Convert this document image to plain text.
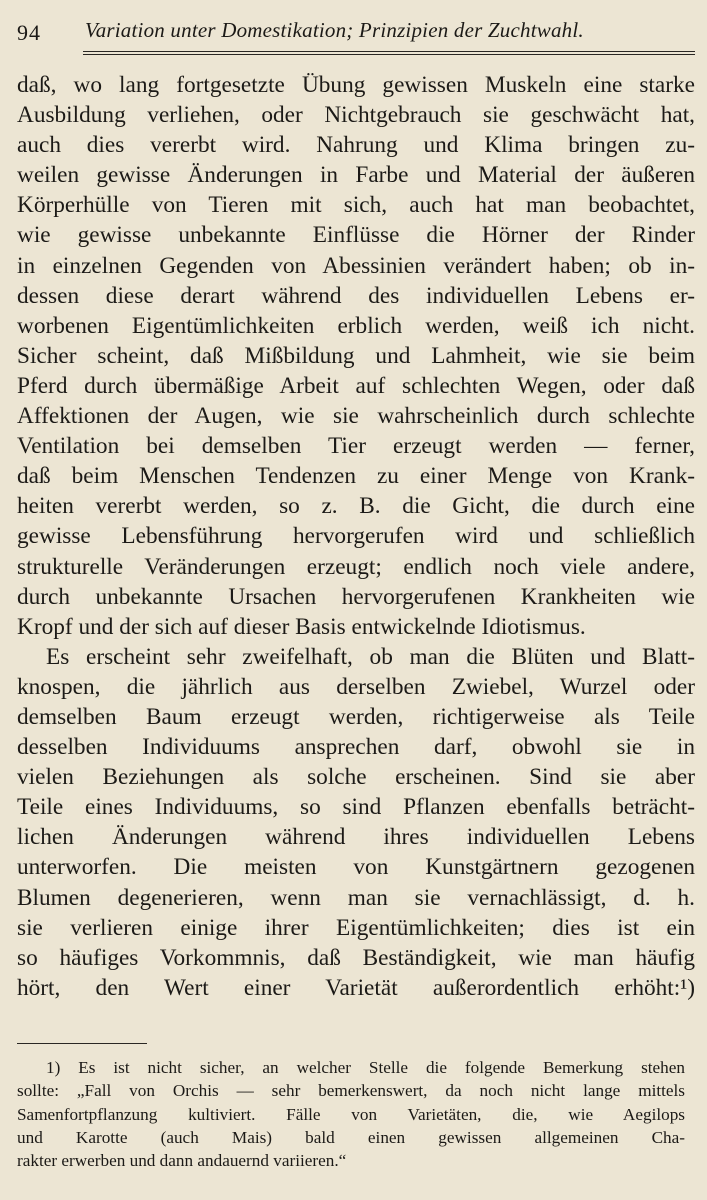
94 Variation unter Domestikation; Prinzipien der Zuchtwahl.
daß, wo lang fortgesetzte Übung gewissen Muskeln eine starke
Ausbildung verliehen, oder Nichtgebrauch sie geschwächt hat,
auch dies vererbt wird. Nahrung und Klima bringen zu-
weilen gewisse Änderungen in Farbe und Material der äußeren
Körperhülle von Tieren mit sich, auch hat man beobachtet,
wie gewisse unbekannte Einflüsse die Hörner der Rinder
in einzelnen Gegenden von Abessinien verändert haben; ob in-
dessen diese derart während des individuellen Lebens er-
worbenen Eigentümlichkeiten erblich werden, weiß ich nicht.
Sicher scheint, daß Mißbildung und Lahmheit, wie sie beim
Pferd durch übermäßige Arbeit auf schlechten Wegen, oder daß
Affektionen der Augen, wie sie wahrscheinlich durch schlechte
Ventilation bei demselben Tier erzeugt werden — ferner,
daß beim Menschen Tendenzen zu einer Menge von Krank-
heiten vererbt werden, so z. B. die Gicht, die durch eine
gewisse Lebensführung hervorgerufen wird und schließlich
strukturelle Veränderungen erzeugt; endlich noch viele andere,
durch unbekannte Ursachen hervorgerufenen Krankheiten wie
Kropf und der sich auf dieser Basis entwickelnde Idiotismus.
Es erscheint sehr zweifelhaft, ob man die Blüten und Blatt-
knospen, die jährlich aus derselben Zwiebel, Wurzel oder
demselben Baum erzeugt werden, richtigerweise als Teile
desselben Individuums ansprechen darf, obwohl sie in
vielen Beziehungen als solche erscheinen. Sind sie aber
Teile eines Individuums, so sind Pflanzen ebenfalls beträcht-
lichen Änderungen während ihres individuellen Lebens
unterworfen. Die meisten von Kunstgärtnern gezogenen
Blumen degenerieren, wenn man sie vernachlässigt, d. h.
sie verlieren einige ihrer Eigentümlichkeiten; dies ist ein
so häufiges Vorkommnis, daß Beständigkeit, wie man häufig
hört, den Wert einer Varietät außerordentlich erhöht:¹)
1) Es ist nicht sicher, an welcher Stelle die folgende Bemerkung stehen
sollte: „Fall von Orchis — sehr bemerkenswert, da noch nicht lange mittels
Samenfortpflanzung kultiviert. Fälle von Varietäten, die, wie Aegilops
und Karotte (auch Mais) bald einen gewissen allgemeinen Cha-
rakter erwerben und dann andauernd variieren.“
